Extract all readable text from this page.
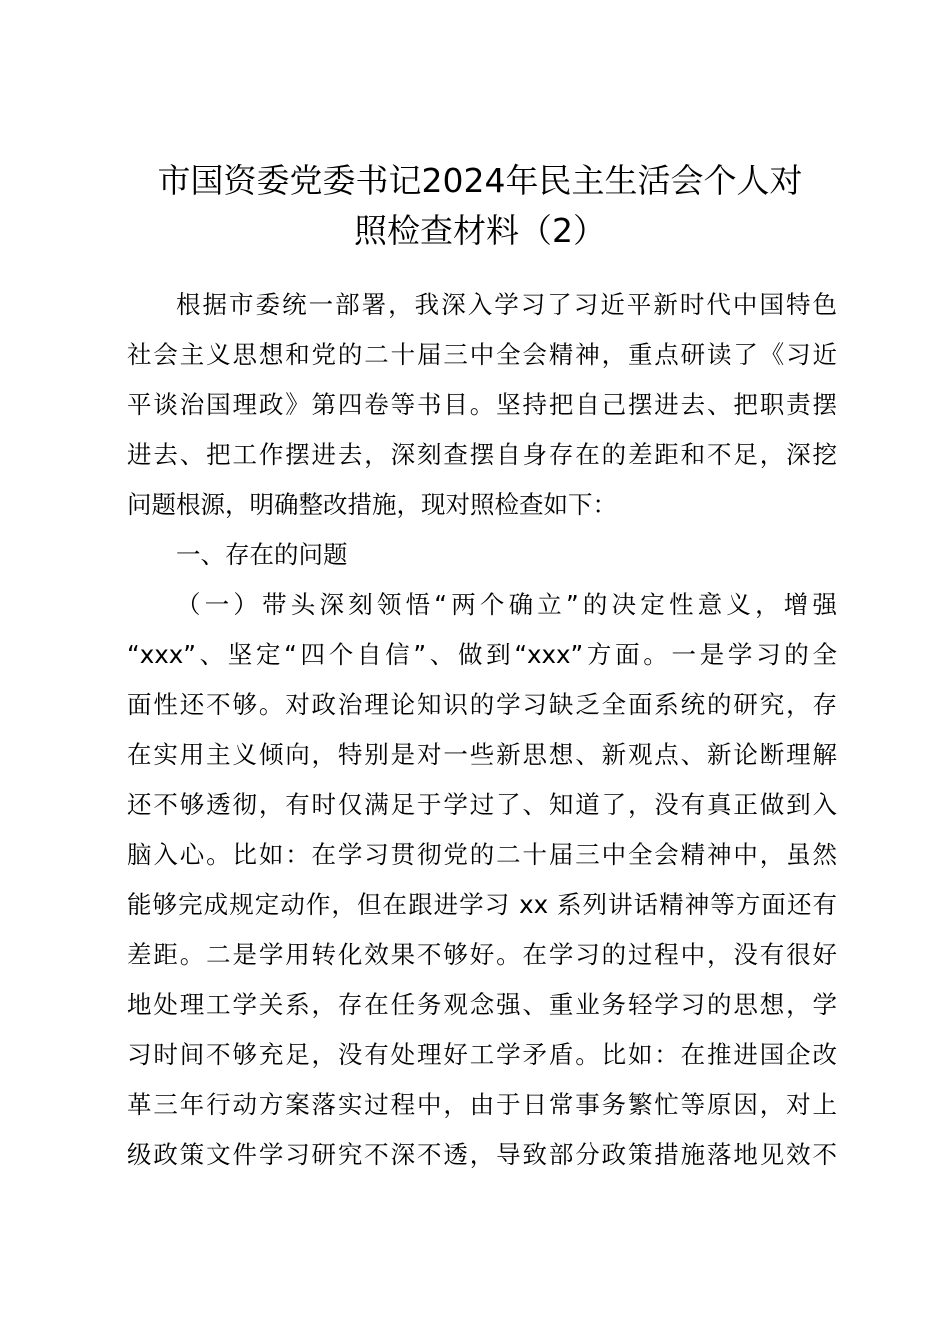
市国资委党委书记2024年民主生活会个人对
照检查材料（2）
根据市委统一部署，我深入学习了习近平新时代中国特色
社会主义思想和党的二十届三中全会精神，重点研读了《习近
平谈治国理政》第四卷等书目。坚持把自己摆进去、把职责摆
进去、把工作摆进去，深刻查摆自身存在的差距和不足，深挖
问题根源，明确整改措施，现对照检查如下：
一、存在的问题
（一）带头深刻领悟“两个确立”的决定性意义，增强
“xxx”、坚定“四个自信”、做到“xxx”方面。一是学习的全
面性还不够。对政治理论知识的学习缺乏全面系统的研究，存
在实用主义倾向，特别是对一些新思想、新观点、新论断理解
还不够透彻，有时仅满足于学过了、知道了，没有真正做到入
脑入心。比如：在学习贯彻党的二十届三中全会精神中，虽然
能够完成规定动作，但在跟进学习 xx 系列讲话精神等方面还有
差距。二是学用转化效果不够好。在学习的过程中，没有很好
地处理工学关系，存在任务观念强、重业务轻学习的思想，学
习时间不够充足，没有处理好工学矛盾。比如：在推进国企改
革三年行动方案落实过程中，由于日常事务繁忙等原因，对上
级政策文件学习研究不深不透，导致部分政策措施落地见效不
